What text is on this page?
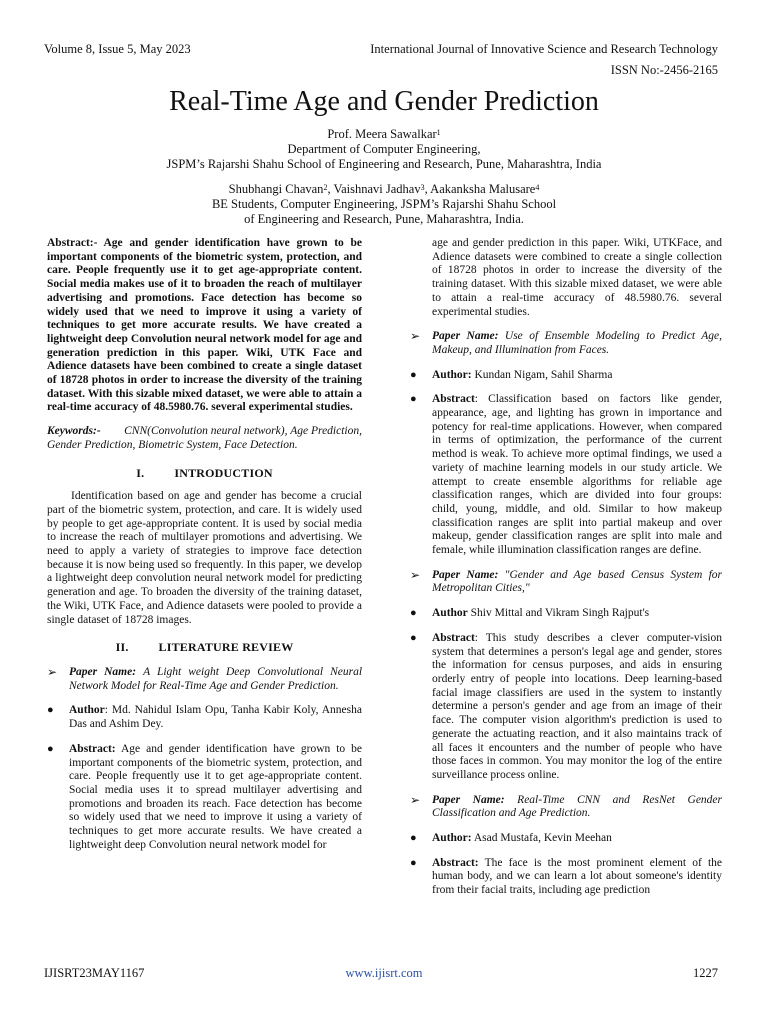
Volume 8, Issue 5, May 2023	International Journal of Innovative Science and Research Technology
ISSN No:-2456-2165
Real-Time Age and Gender Prediction
Prof. Meera Sawalkar$^1$
Department of Computer Engineering,
JSPM’s Rajarshi Shahu School of Engineering and Research, Pune, Maharashtra, India
Shubhangi Chavan$^2$, Vaishnavi Jadhav$^3$, Aakanksha Malusare$^4$
BE Students, Computer Engineering, JSPM’s Rajarshi Shahu School
of Engineering and Research, Pune, Maharashtra, India.

Abstract:- Age and gender identification have grown to be important components of the biometric system, protection, and care. People frequently use it to get age-appropriate content. Social media makes use of it to broaden the reach of multilayer advertising and promotions. Face detection has become so widely used that we need to improve it using a variety of techniques to get more accurate results. We have created a lightweight deep Convolution neural network model for age and generation prediction in this paper. Wiki, UTK Face and Adience datasets have been combined to create a single dataset of 18728 photos in order to increase the diversity of the training dataset. With this sizable mixed dataset, we were able to attain a real-time accuracy of 48.5980.76. several experimental studies.

Keywords:- CNN(Convolution neural network), Age Prediction, Gender Prediction, Biometric System, Face Detection.

I.	INTRODUCTION

Identification based on age and gender has become a crucial part of the biometric system, protection, and care. It is widely used by people to get age-appropriate content. It is used by social media to increase the reach of multilayer promotions and advertising. We need to apply a variety of strategies to improve face detection because it is now being used so frequently. In this paper, we develop a lightweight deep convolution neural network model for predicting generation and age. To broaden the diversity of the training dataset, the Wiki, UTK Face, and Adience datasets were pooled to provide a single dataset of 18728 images.

II.	LITERATURE REVIEW
➢ Paper Name: A Light weight Deep Convolutional Neural Network Model for Real-Time Age and Gender Prediction.
● Author: Md. Nahidul Islam Opu, Tanha Kabir Koly, Annesha Das and Ashim Dey.
● Abstract: Age and gender identification have grown to be important components of the biometric system, protection, and care. People frequently use it to get age-appropriate content. Social media uses it to spread multilayer advertising and promotions and broaden its reach. Face detection has become so widely used that we need to improve it using a variety of techniques to get more accurate results. We have created a lightweight deep Convolution neural network model for

age and gender prediction in this paper. Wiki, UTKFace, and Adience datasets were combined to create a single collection of 18728 photos in order to increase the diversity of the training dataset. With this sizable mixed dataset, we were able to attain a real-time accuracy of 48.5980.76. several experimental studies.

➢ Paper Name: Use of Ensemble Modeling to Predict Age, Makeup, and Illumination from Faces.
● Author: Kundan Nigam, Sahil Sharma
● Abstract: Classification based on factors like gender, appearance, age, and lighting has grown in importance and potency for real-time applications. However, when compared in terms of optimization, the performance of the current method is weak. To achieve more optimal findings, we used a variety of machine learning models in our study article. We attempt to create ensemble algorithms for reliable age classification ranges, which are divided into four groups: child, young, middle, and old. Similar to how makeup classification ranges are split into partial makeup and over makeup, gender classification ranges are split into male and female, while illumination classification ranges are define.
➢ Paper Name: "Gender and Age based Census System for Metropolitan Cities,"
● Author Shiv Mittal and Vikram Singh Rajput's
● Abstract: This study describes a clever computer-vision system that determines a person's legal age and gender, stores the information for census purposes, and aids in ensuring orderly entry of people into locations. Deep learning-based facial image classifiers are used in the system to instantly determine a person's gender and age from an image of their face. The computer vision algorithm's prediction is used to generate the actuating reaction, and it also maintains track of all faces it encounters and the number of people who have those faces in common. You may monitor the log of the entire surveillance process online.
➢ Paper Name: Real-Time CNN and ResNet Gender Classification and Age Prediction.
● Author: Asad Mustafa, Kevin Meehan
● Abstract: The face is the most prominent element of the human body, and we can learn a lot about someone's identity from their facial traits, including age prediction
IJISRT23MAY1167	www.ijisrt.com	1227
